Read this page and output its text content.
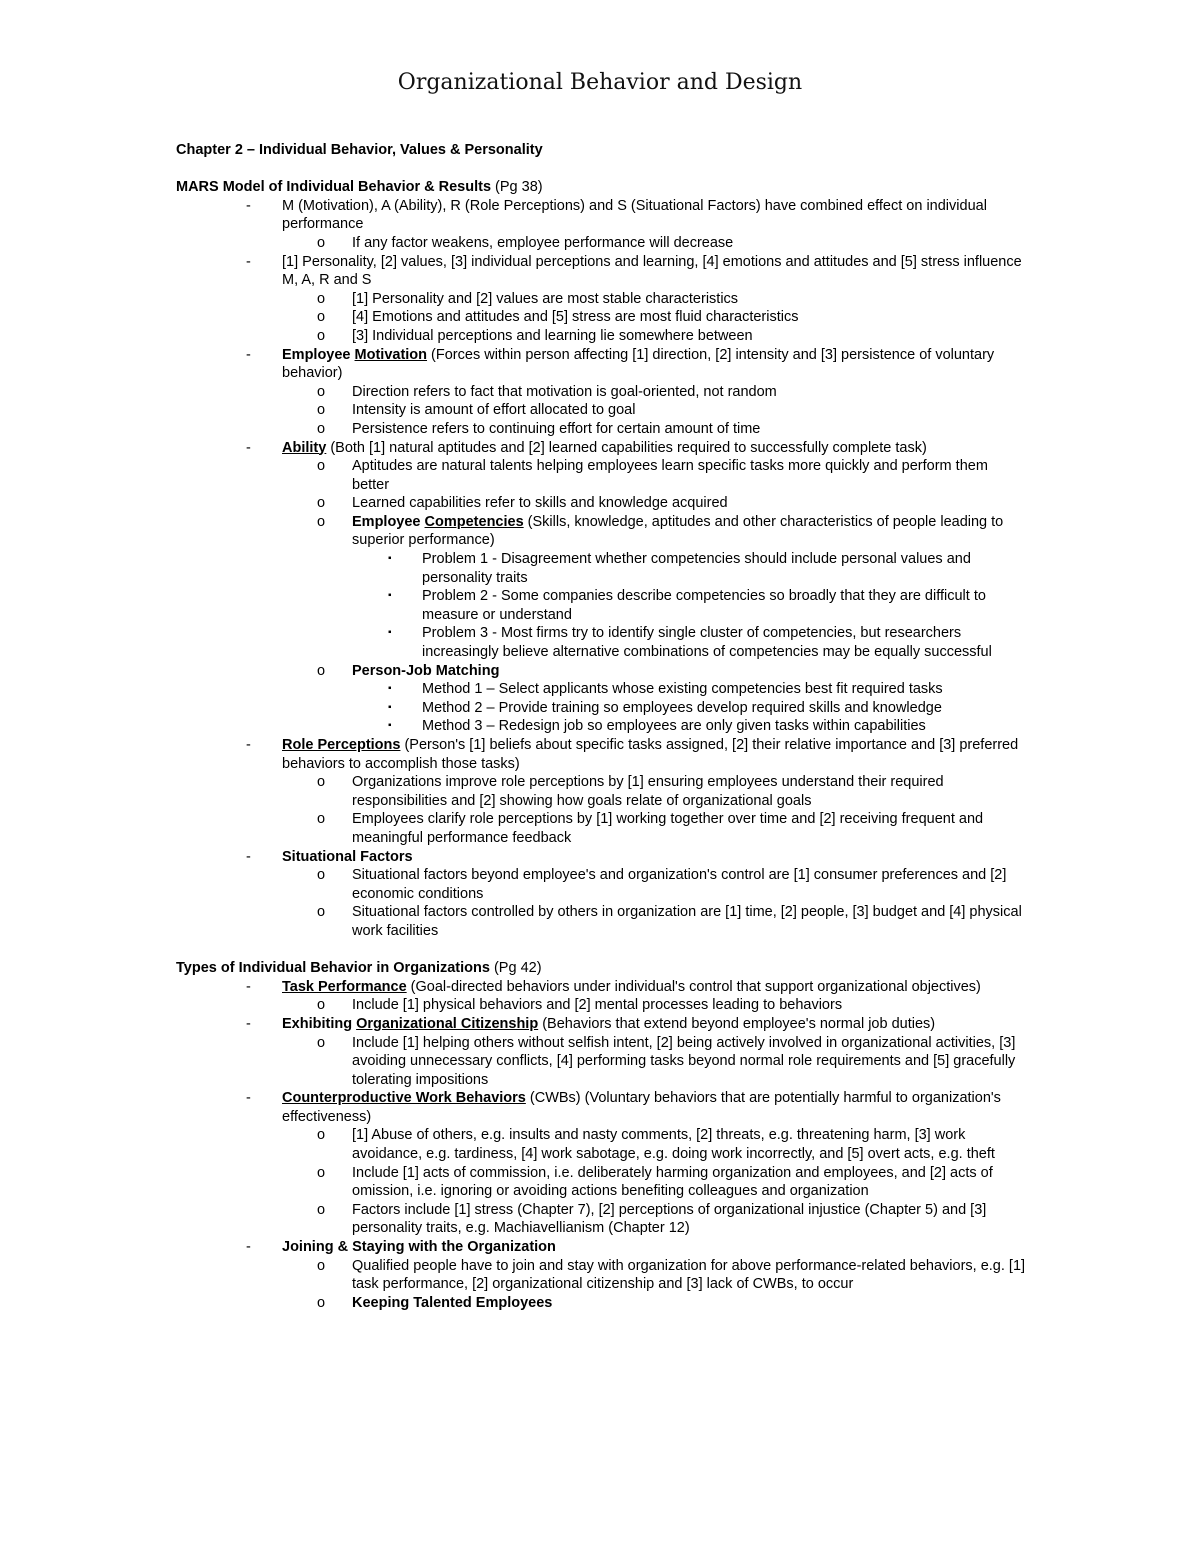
Organizational Behavior and Design
Chapter 2 – Individual Behavior, Values & Personality
MARS Model of Individual Behavior & Results (Pg 38)
-	M (Motivation), A (Ability), R (Role Perceptions) and S (Situational Factors) have combined effect on individual performance
o	If any factor weakens, employee performance will decrease
-	[1] Personality, [2] values, [3] individual perceptions and learning, [4] emotions and attitudes and [5] stress influence M, A, R and S
o	[1] Personality and [2] values are most stable characteristics
o	[4] Emotions and attitudes and [5] stress are most fluid characteristics
o	[3] Individual perceptions and learning lie somewhere between
-	Employee Motivation (Forces within person affecting [1] direction, [2] intensity and [3] persistence of voluntary behavior)
o	Direction refers to fact that motivation is goal-oriented, not random
o	Intensity is amount of effort allocated to goal
o	Persistence refers to continuing effort for certain amount of time
-	Ability (Both [1] natural aptitudes and [2] learned capabilities required to successfully complete task)
o	Aptitudes are natural talents helping employees learn specific tasks more quickly and perform them better
o	Learned capabilities refer to skills and knowledge acquired
o	Employee Competencies (Skills, knowledge, aptitudes and other characteristics of people leading to superior performance)
▪	Problem 1 - Disagreement whether competencies should include personal values and personality traits
▪	Problem 2 - Some companies describe competencies so broadly that they are difficult to measure or understand
▪	Problem 3 - Most firms try to identify single cluster of competencies, but researchers increasingly believe alternative combinations of competencies may be equally successful
o	Person-Job Matching
▪	Method 1 – Select applicants whose existing competencies best fit required tasks
▪	Method 2 – Provide training so employees develop required skills and knowledge
▪	Method 3 – Redesign job so employees are only given tasks within capabilities
-	Role Perceptions (Person's [1] beliefs about specific tasks assigned, [2] their relative importance and [3] preferred behaviors to accomplish those tasks)
o	Organizations improve role perceptions by [1] ensuring employees understand their required responsibilities and [2] showing how goals relate of organizational goals
o	Employees clarify role perceptions by [1] working together over time and [2] receiving frequent and meaningful performance feedback
-	Situational Factors
o	Situational factors beyond employee's and organization's control are [1] consumer preferences and [2] economic conditions
o	Situational factors controlled by others in organization are [1] time, [2] people, [3] budget and [4] physical work facilities
Types of Individual Behavior in Organizations (Pg 42)
-	Task Performance (Goal-directed behaviors under individual's control that support organizational objectives)
o	Include [1] physical behaviors and [2] mental processes leading to behaviors
-	Exhibiting Organizational Citizenship (Behaviors that extend beyond employee's normal job duties)
o	Include [1] helping others without selfish intent, [2] being actively involved in organizational activities, [3] avoiding unnecessary conflicts, [4] performing tasks beyond normal role requirements and [5] gracefully tolerating impositions
-	Counterproductive Work Behaviors (CWBs) (Voluntary behaviors that are potentially harmful to organization's effectiveness)
o	[1] Abuse of others, e.g. insults and nasty comments, [2] threats, e.g. threatening harm, [3] work avoidance, e.g. tardiness, [4] work sabotage, e.g. doing work incorrectly, and [5] overt acts, e.g. theft
o	Include [1] acts of commission, i.e. deliberately harming organization and employees, and [2] acts of omission, i.e. ignoring or avoiding actions benefiting colleagues and organization
o	Factors include [1] stress (Chapter 7), [2] perceptions of organizational injustice (Chapter 5) and [3] personality traits, e.g. Machiavellianism (Chapter 12)
-	Joining & Staying with the Organization
o	Qualified people have to join and stay with organization for above performance-related behaviors, e.g. [1] task performance, [2] organizational citizenship and [3] lack of CWBs, to occur
o	Keeping Talented Employees
